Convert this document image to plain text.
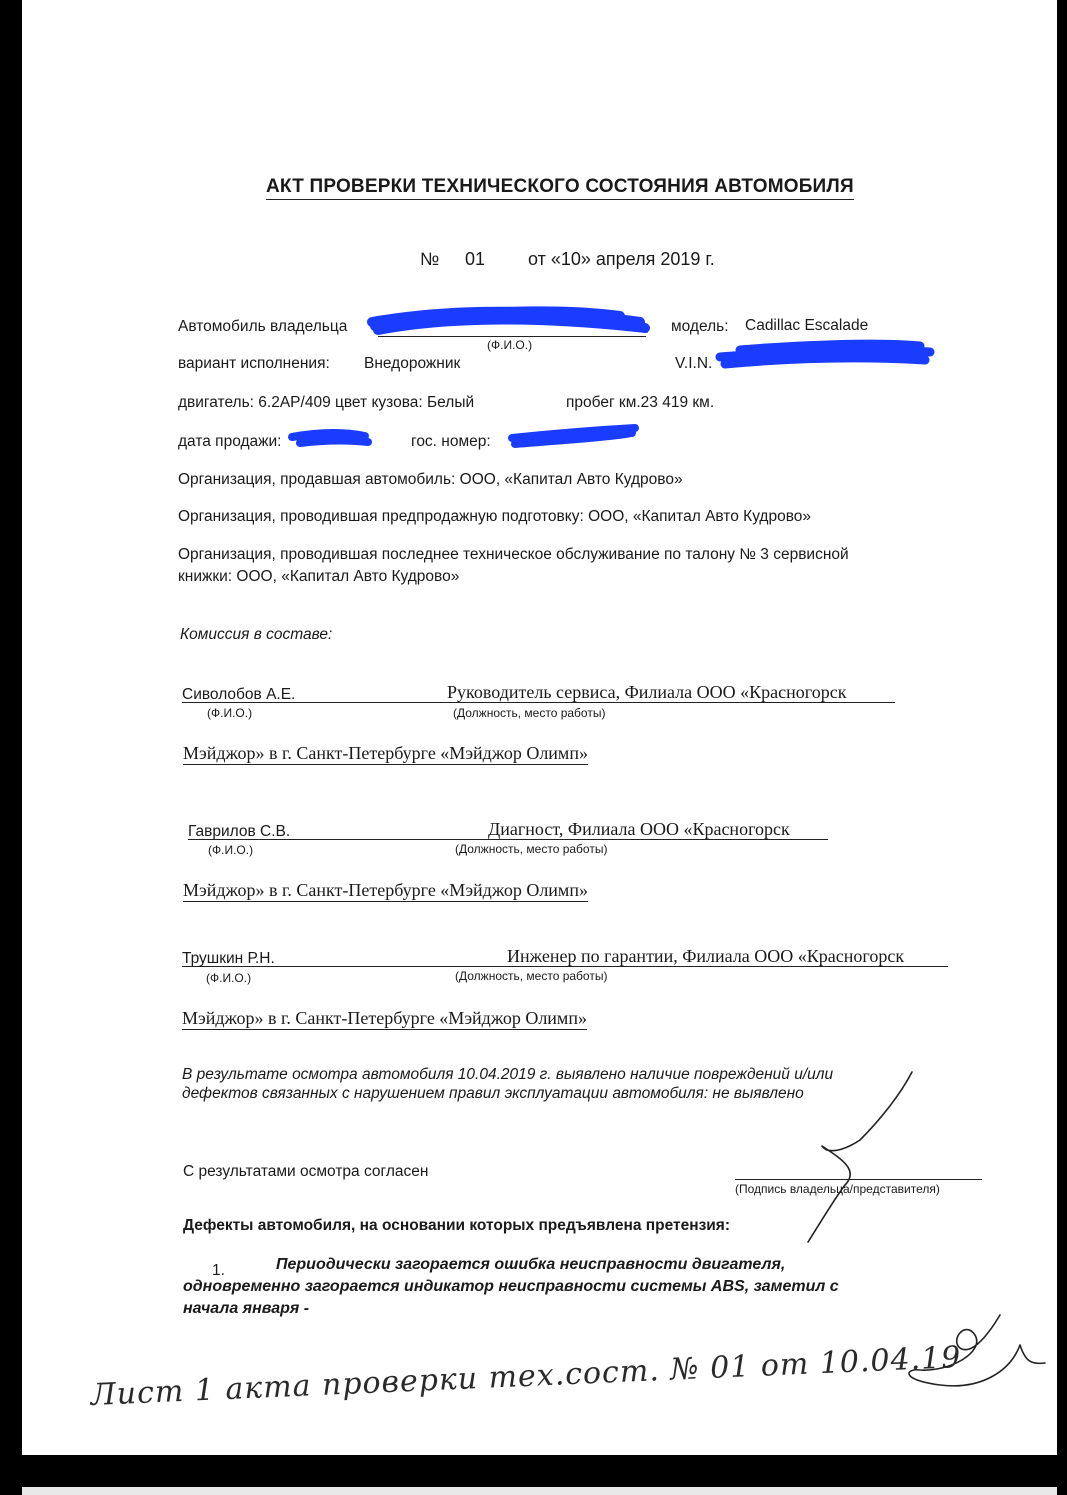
АКТ ПРОВЕРКИ ТЕХНИЧЕСКОГО СОСТОЯНИЯ АВТОМОБИЛЯ
№ 01 от «10» апреля 2019 г.
Автомобиль владельца	,
(Ф.И.О.)
модель: Cadillac Escalade
вариант исполнения: Внедорожник	V.I.N.
двигатель: 6.2AP/409 цвет кузова: Белый	пробег км.23 419 км.
дата продажи:	гос. номер:
Организация, продавшая автомобиль: ООО, «Капитал Авто Кудрово»
Организация, проводившая предпродажную подготовку: ООО, «Капитал Авто Кудрово»
Организация, проводившая последнее техническое обслуживание по талону № 3 сервисной
книжки: ООО, «Капитал Авто Кудрово»
Комиссия в составе:
Сиволобов А.Е.	Руководитель сервиса, Филиала ООО «Красногорск
(Ф.И.О.)	(Должность, место работы)
Мэйджор» в г. Санкт-Петербурге «Мэйджор Олимп»
Гаврилов С.В.	Диагност, Филиала ООО «Красногорск
(Ф.И.О.)	(Должность, место работы)
Мэйджор» в г. Санкт-Петербурге «Мэйджор Олимп»
Трушкин Р.Н.	Инженер по гарантии, Филиала ООО «Красногорск
(Ф.И.О.)	(Должность, место работы)
Мэйджор» в г. Санкт-Петербурге «Мэйджор Олимп»
В результате осмотра автомобиля 10.04.2019 г. выявлено наличие повреждений и/или
дефектов связанных с нарушением правил эксплуатации автомобиля: не выявлено
С результатами осмотра согласен
(Подпись владельца/представителя)
Дефекты автомобиля, на основании которых предъявлена претензия:
1.	Периодически загорается ошибка неисправности двигателя,
одновременно загорается индикатор неисправности системы ABS, заметил с
начала января -
Лист 1 акта проверки тех.сост. № 01 от 10.04.19
